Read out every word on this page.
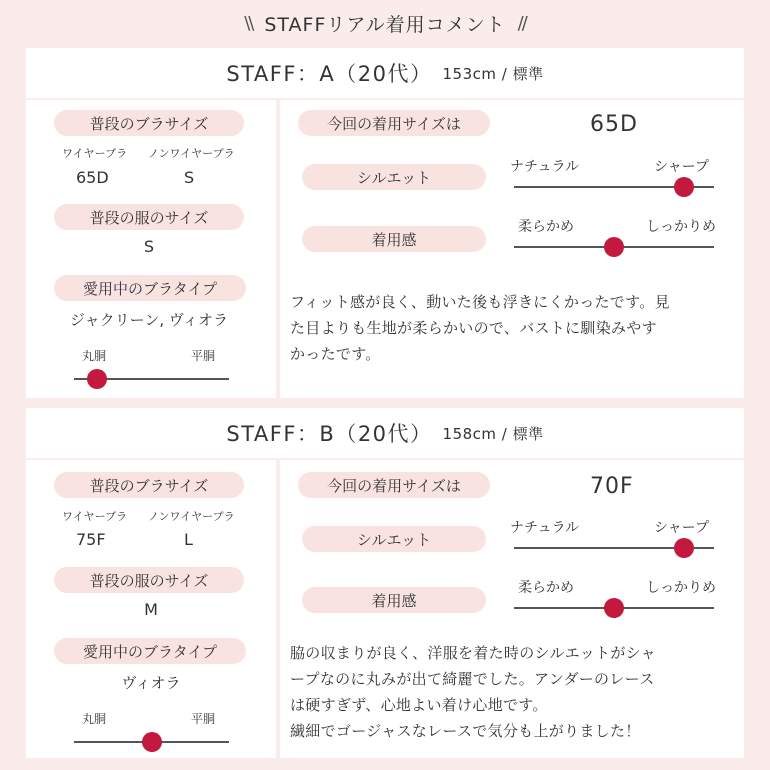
\\ STAFFリアル着用コメント //
STAFF：A（20代） 153cm / 標準
普段のブラサイズ
ワイヤーブラ ノンワイヤーブラ
65D	S
普段の服のサイズ
S
愛用中のブラタイプ
ジャクリーン, ヴィオラ
丸胴	平胴
今回の着用サイズは	65D
シルエット
ナチュラル	シャープ
着用感
柔らかめ	しっかりめ
フィット感が良く、動いた後も浮きにくかったです。見
た目よりも生地が柔らかいので、バストに馴染みやす
かったです。
STAFF：B（20代） 158cm / 標準
普段のブラサイズ
ワイヤーブラ ノンワイヤーブラ
75F	L
普段の服のサイズ
M
愛用中のブラタイプ
ヴィオラ
丸胴	平胴
今回の着用サイズは	70F
シルエット
ナチュラル	シャープ
着用感
柔らかめ	しっかりめ
脇の収まりが良く、洋服を着た時のシルエットがシャ
ープなのに丸みが出て綺麗でした。アンダーのレース
は硬すぎず、心地よい着け心地です。
繊細でゴージャスなレースで気分も上がりました！
